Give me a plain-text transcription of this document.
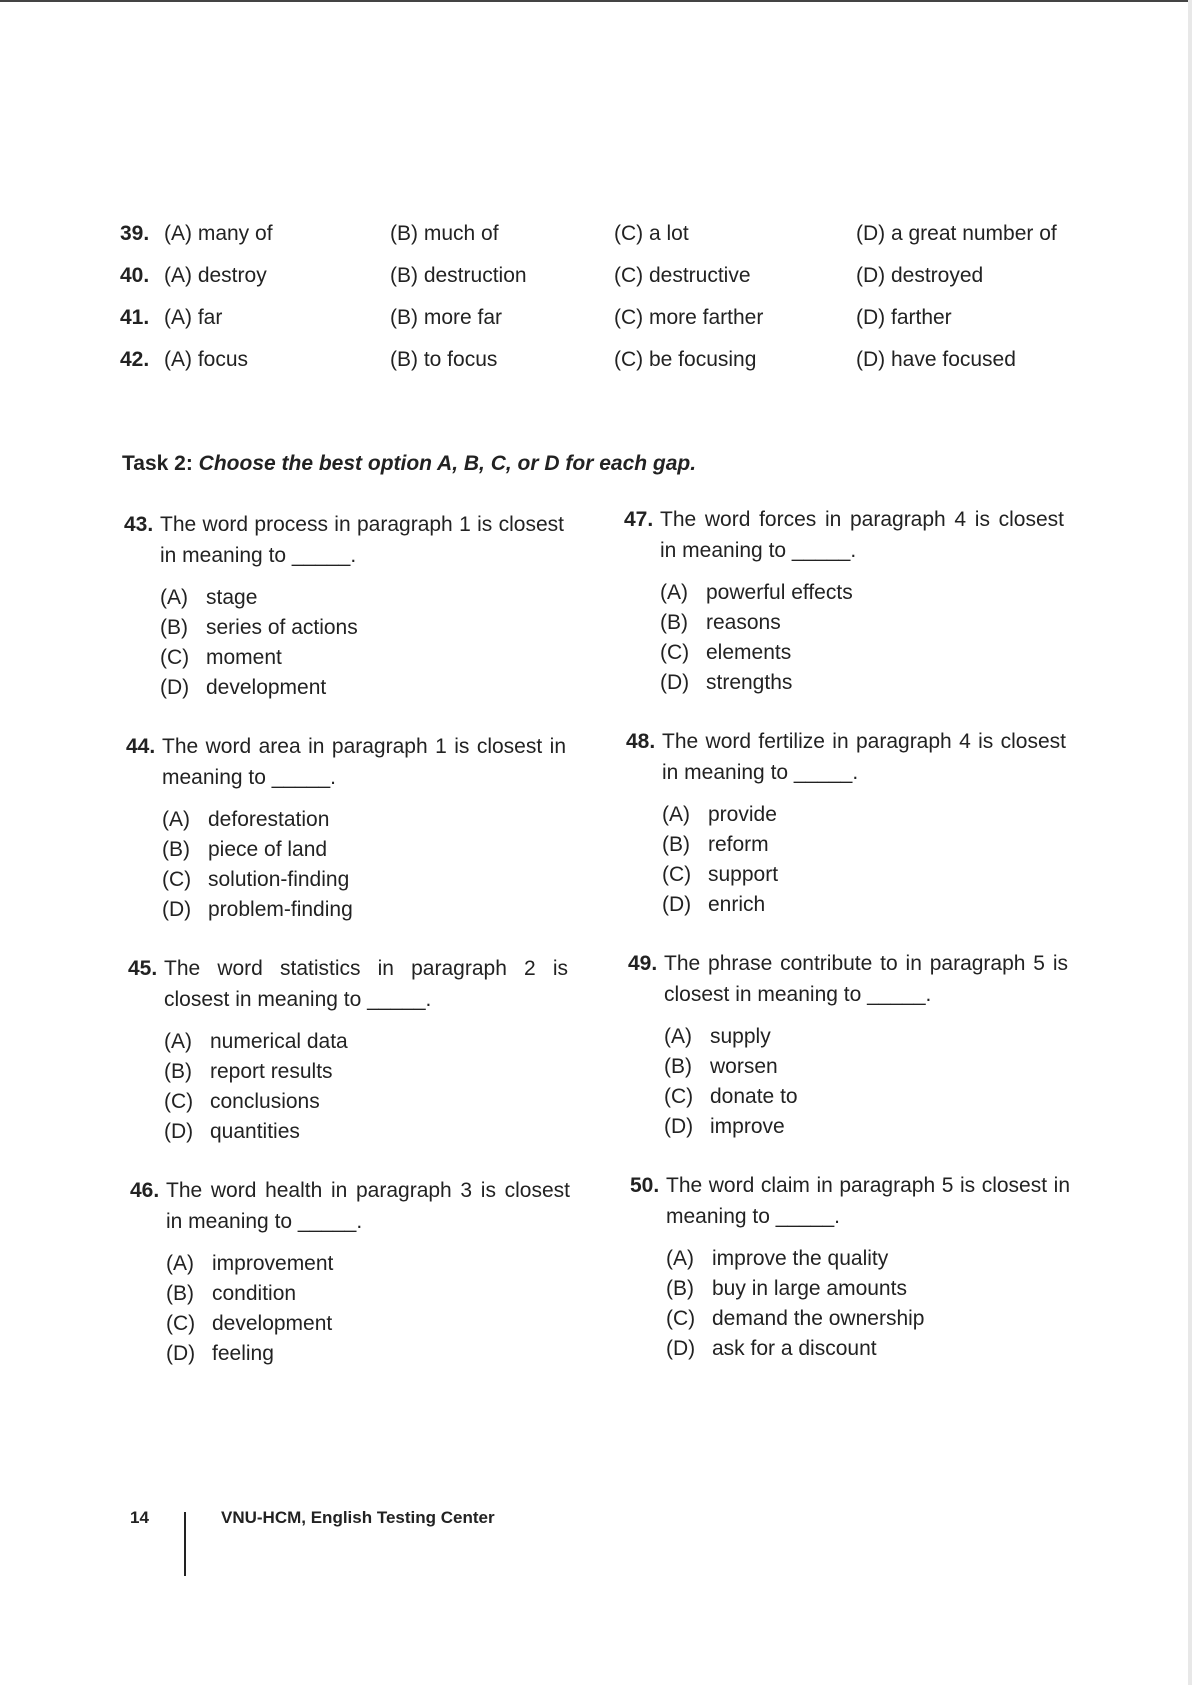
39. (A) many of	(B) much of	(C) a lot	(D) a great number of
40. (A) destroy	(B) destruction	(C) destructive	(D) destroyed
41. (A) far	(B) more far	(C) more farther	(D) farther
42. (A) focus	(B) to focus	(C) be focusing	(D) have focused
Task 2: Choose the best option A, B, C, or D for each gap.
43. The word process in paragraph 1 is closest in meaning to _____.
(A) stage
(B) series of actions
(C) moment
(D) development
44. The word area in paragraph 1 is closest in meaning to _____.
(A) deforestation
(B) piece of land
(C) solution-finding
(D) problem-finding
45. The word statistics in paragraph 2 is closest in meaning to _____.
(A) numerical data
(B) report results
(C) conclusions
(D) quantities
46. The word health in paragraph 3 is closest in meaning to _____.
(A) improvement
(B) condition
(C) development
(D) feeling
47. The word forces in paragraph 4 is closest in meaning to _____.
(A) powerful effects
(B) reasons
(C) elements
(D) strengths
48. The word fertilize in paragraph 4 is closest in meaning to _____.
(A) provide
(B) reform
(C) support
(D) enrich
49. The phrase contribute to in paragraph 5 is closest in meaning to _____.
(A) supply
(B) worsen
(C) donate to
(D) improve
50. The word claim in paragraph 5 is closest in meaning to _____.
(A) improve the quality
(B) buy in large amounts
(C) demand the ownership
(D) ask for a discount
14	VNU-HCM, English Testing Center
